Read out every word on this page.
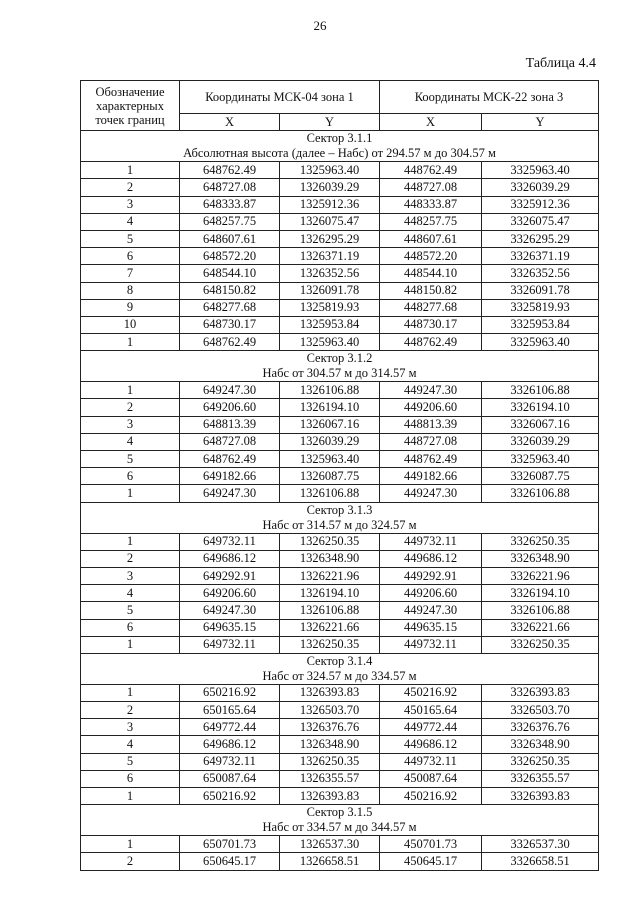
26
Таблица 4.4
Обозначение характерных точек границ	Координаты МСК-04 зона 1		Координаты МСК-22 зона 3	
	X	Y	X	Y

Сектор 3.1.1
Абсолютная высота (далее – Набс) от 294.57 м до 304.57 м				

1	648762.49	1325963.40	448762.49	3325963.40
2	648727.08	1326039.29	448727.08	3326039.29
3	648333.87	1325912.36	448333.87	3325912.36
4	648257.75	1326075.47	448257.75	3326075.47
5	648607.61	1326295.29	448607.61	3326295.29
6	648572.20	1326371.19	448572.20	3326371.19
7	648544.10	1326352.56	448544.10	3326352.56
8	648150.82	1326091.78	448150.82	3326091.78
9	648277.68	1325819.93	448277.68	3325819.93
10	648730.17	1325953.84	448730.17	3325953.84
1	648762.49	1325963.40	448762.49	3325963.40

Сектор 3.1.2
Набс от 304.57 м до 314.57 м				

1	649247.30	1326106.88	449247.30	3326106.88
2	649206.60	1326194.10	449206.60	3326194.10
3	648813.39	1326067.16	448813.39	3326067.16
4	648727.08	1326039.29	448727.08	3326039.29
5	648762.49	1325963.40	448762.49	3325963.40
6	649182.66	1326087.75	449182.66	3326087.75
1	649247.30	1326106.88	449247.30	3326106.88

Сектор 3.1.3
Набс от 314.57 м до 324.57 м				

1	649732.11	1326250.35	449732.11	3326250.35
2	649686.12	1326348.90	449686.12	3326348.90
3	649292.91	1326221.96	449292.91	3326221.96
4	649206.60	1326194.10	449206.60	3326194.10
5	649247.30	1326106.88	449247.30	3326106.88
6	649635.15	1326221.66	449635.15	3326221.66
1	649732.11	1326250.35	449732.11	3326250.35

Сектор 3.1.4
Набс от 324.57 м до 334.57 м				

1	650216.92	1326393.83	450216.92	3326393.83
2	650165.64	1326503.70	450165.64	3326503.70
3	649772.44	1326376.76	449772.44	3326376.76
4	649686.12	1326348.90	449686.12	3326348.90
5	649732.11	1326250.35	449732.11	3326250.35
6	650087.64	1326355.57	450087.64	3326355.57
1	650216.92	1326393.83	450216.92	3326393.83

Сектор 3.1.5
Набс от 334.57 м до 344.57 м				

1	650701.73	1326537.30	450701.73	3326537.30
2	650645.17	1326658.51	450645.17	3326658.51
